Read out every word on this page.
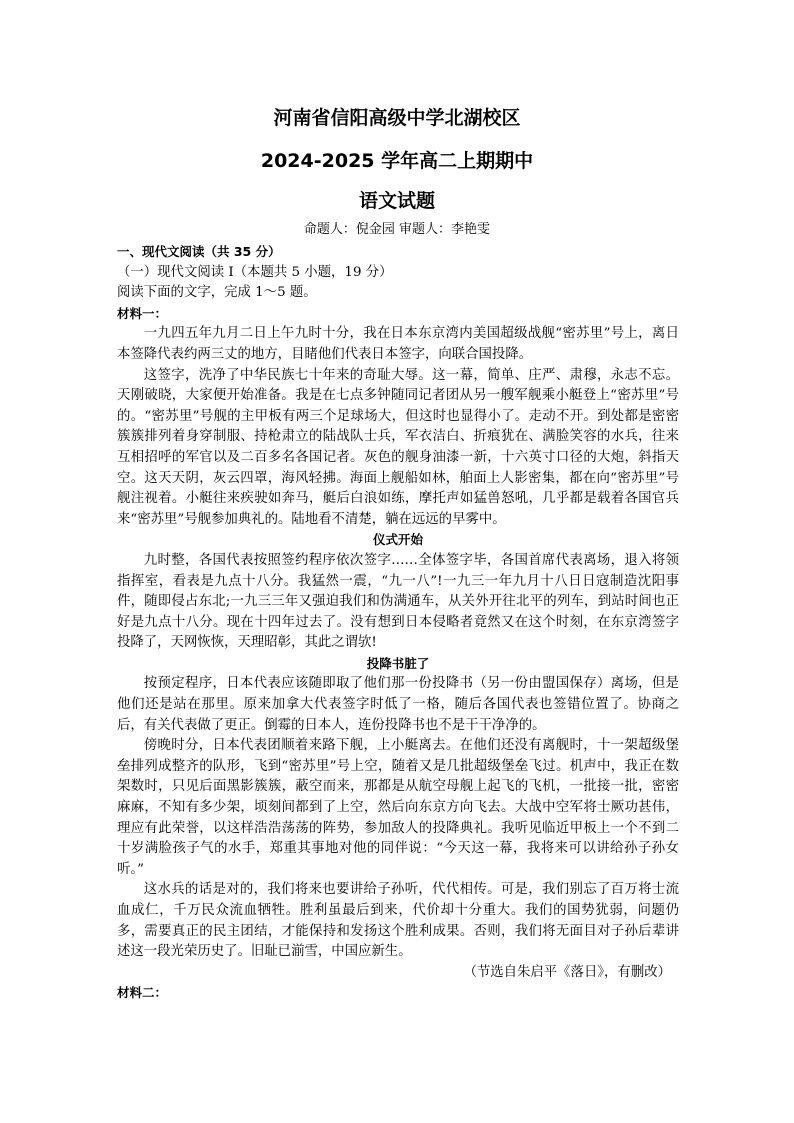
河南省信阳高级中学北湖校区
2024-2025 学年高二上期期中
语文试题

命题人：倪金园 审题人：李艳雯

一、现代文阅读（共 35 分）

（一）现代文阅读 I（本题共 5 小题，19 分）

阅读下面的文字，完成 1～5 题。

材料一：

一九四五年九月二日上午九时十分，我在日本东京湾内美国超级战舰“密苏里”号上，离日本签降代表约两三丈的地方，目睹他们代表日本签字，向联合国投降。

这签字，洗净了中华民族七十年来的奇耻大辱。这一幕，简单、庄严、肃穆，永志不忘。天刚破晓，大家便开始准备。我是在七点多钟随同记者团从另一艘军舰乘小艇登上“密苏里”号的。“密苏里”号舰的主甲板有两三个足球场大，但这时也显得小了。走动不开。到处都是密密簇簇排列着身穿制服、持枪肃立的陆战队士兵，军衣洁白、折痕犹在、满脸笑容的水兵，往来互相招呼的军官以及二百多名各国记者。灰色的舰身油漆一新，十六英寸口径的大炮，斜指天空。这天天阴，灰云四罩，海风轻拂。海面上舰船如林，舶面上人影密集，都在向“密苏里”号舰注视着。小艇往来疾驶如奔马，艇后白浪如练，摩托声如猛兽怒吼，几乎都是载着各国官兵来“密苏里”号舰参加典礼的。陆地看不清楚，躺在远远的早雾中。

仪式开始

九时整，各国代表按照签约程序依次签字……全体签字毕，各国首席代表离场，退入将领指挥室，看表是九点十八分。我猛然一震，“九一八”!一九三一年九月十八日日寇制造沈阳事件，随即侵占东北;一九三三年又强迫我们和伪满通车，从关外开往北平的列车，到站时间也正好是九点十八分。现在十四年过去了。没有想到日本侵略者竟然又在这个时刻，在东京湾签字投降了，天网恢恢，天理昭彰，其此之谓欤!

投降书脏了

按预定程序，日本代表应该随即取了他们那一份投降书（另一份由盟国保存）离场，但是他们还是站在那里。原来加拿大代表签字时低了一格，随后各国代表也签错位置了。协商之后，有关代表做了更正。倒霉的日本人，连份投降书也不是干干净净的。

傍晚时分，日本代表团顺着来路下舰，上小艇离去。在他们还没有离舰时，十一架超级堡垒排列成整齐的队形，飞到“密苏里”号上空，随着又是几批超级堡垒飞过。机声中，我正在数架数时，只见后面黑影簇簇，蔽空而来，那都是从航空母舰上起飞的飞机，一批接一批，密密麻麻，不知有多少架，顷刻间都到了上空，然后向东京方向飞去。大战中空军将士厥功甚伟，理应有此荣誉，以这样浩浩荡荡的阵势，参加敌人的投降典礼。我听见临近甲板上一个不到二十岁满脸孩子气的水手，郑重其事地对他的同伴说：“今天这一幕，我将来可以讲给孙子孙女听。”

这水兵的话是对的，我们将来也要讲给子孙听，代代相传。可是，我们别忘了百万将士流血成仁，千万民众流血牺牲。胜利虽最后到来，代价却十分重大。我们的国势犹弱，问题仍多，需要真正的民主团结，才能保持和发扬这个胜利成果。否则，我们将无面目对子孙后辈讲述这一段光荣历史了。旧耻已湔雪，中国应新生。

（节选自朱启平《落日》，有删改）

材料二：
